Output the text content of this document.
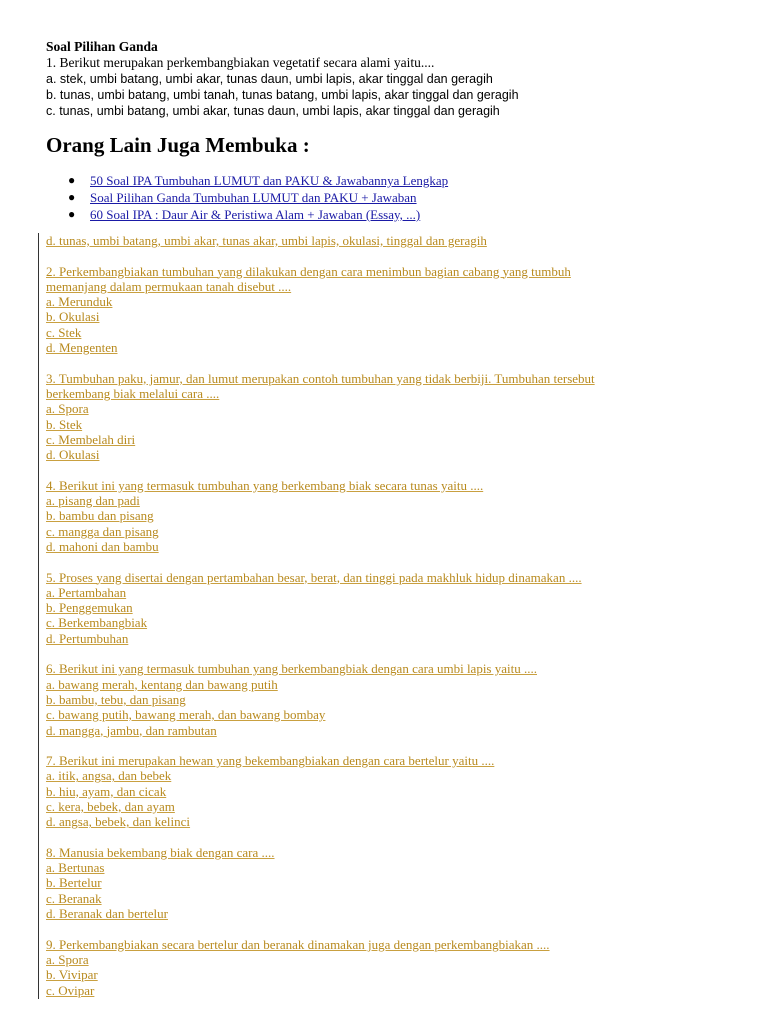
Soal Pilihan Ganda
1. Berikut merupakan perkembangbiakan vegetatif secara alami yaitu....
a. stek, umbi batang, umbi akar, tunas daun, umbi lapis, akar tinggal dan geragih
b. tunas, umbi batang, umbi tanah, tunas batang, umbi lapis, akar tinggal dan geragih
c. tunas, umbi batang, umbi akar, tunas daun, umbi lapis, akar tinggal dan geragih
Orang Lain Juga Membuka :
● 50 Soal IPA Tumbuhan LUMUT dan PAKU & Jawabannya Lengkap
● Soal Pilihan Ganda Tumbuhan LUMUT dan PAKU + Jawaban
● 60 Soal IPA : Daur Air & Peristiwa Alam + Jawaban (Essay, ...)
d. tunas, umbi batang, umbi akar, tunas akar, umbi lapis, okulasi, tinggal dan geragih
2. Perkembangbiakan tumbuhan yang dilakukan dengan cara menimbun bagian cabang yang tumbuh
memanjang dalam permukaan tanah disebut ....
a. Merunduk
b. Okulasi
c. Stek
d. Mengenten
3. Tumbuhan paku, jamur, dan lumut merupakan contoh tumbuhan yang tidak berbiji. Tumbuhan tersebut
berkembang biak melalui cara ....
a. Spora
b. Stek
c. Membelah diri
d. Okulasi
4. Berikut ini yang termasuk tumbuhan yang berkembang biak secara tunas yaitu ....
a. pisang dan padi
b. bambu dan pisang
c. mangga dan pisang
d. mahoni dan bambu
5. Proses yang disertai dengan pertambahan besar, berat, dan tinggi pada makhluk hidup dinamakan ....
a. Pertambahan
b. Penggemukan
c. Berkembangbiak
d. Pertumbuhan
6. Berikut ini yang termasuk tumbuhan yang berkembangbiak dengan cara umbi lapis yaitu ....
a. bawang merah, kentang dan bawang putih
b. bambu, tebu, dan pisang
c. bawang putih, bawang merah, dan bawang bombay
d. mangga, jambu, dan rambutan
7. Berikut ini merupakan hewan yang bekembangbiakan dengan cara bertelur yaitu ....
a. itik, angsa, dan bebek
b. hiu, ayam, dan cicak
c. kera, bebek, dan ayam
d. angsa, bebek, dan kelinci
8. Manusia bekembang biak dengan cara ....
a. Bertunas
b. Bertelur
c. Beranak
d. Beranak dan bertelur
9. Perkembangbiakan secara bertelur dan beranak dinamakan juga dengan perkembangbiakan ....
a. Spora
b. Vivipar
c. Ovipar
